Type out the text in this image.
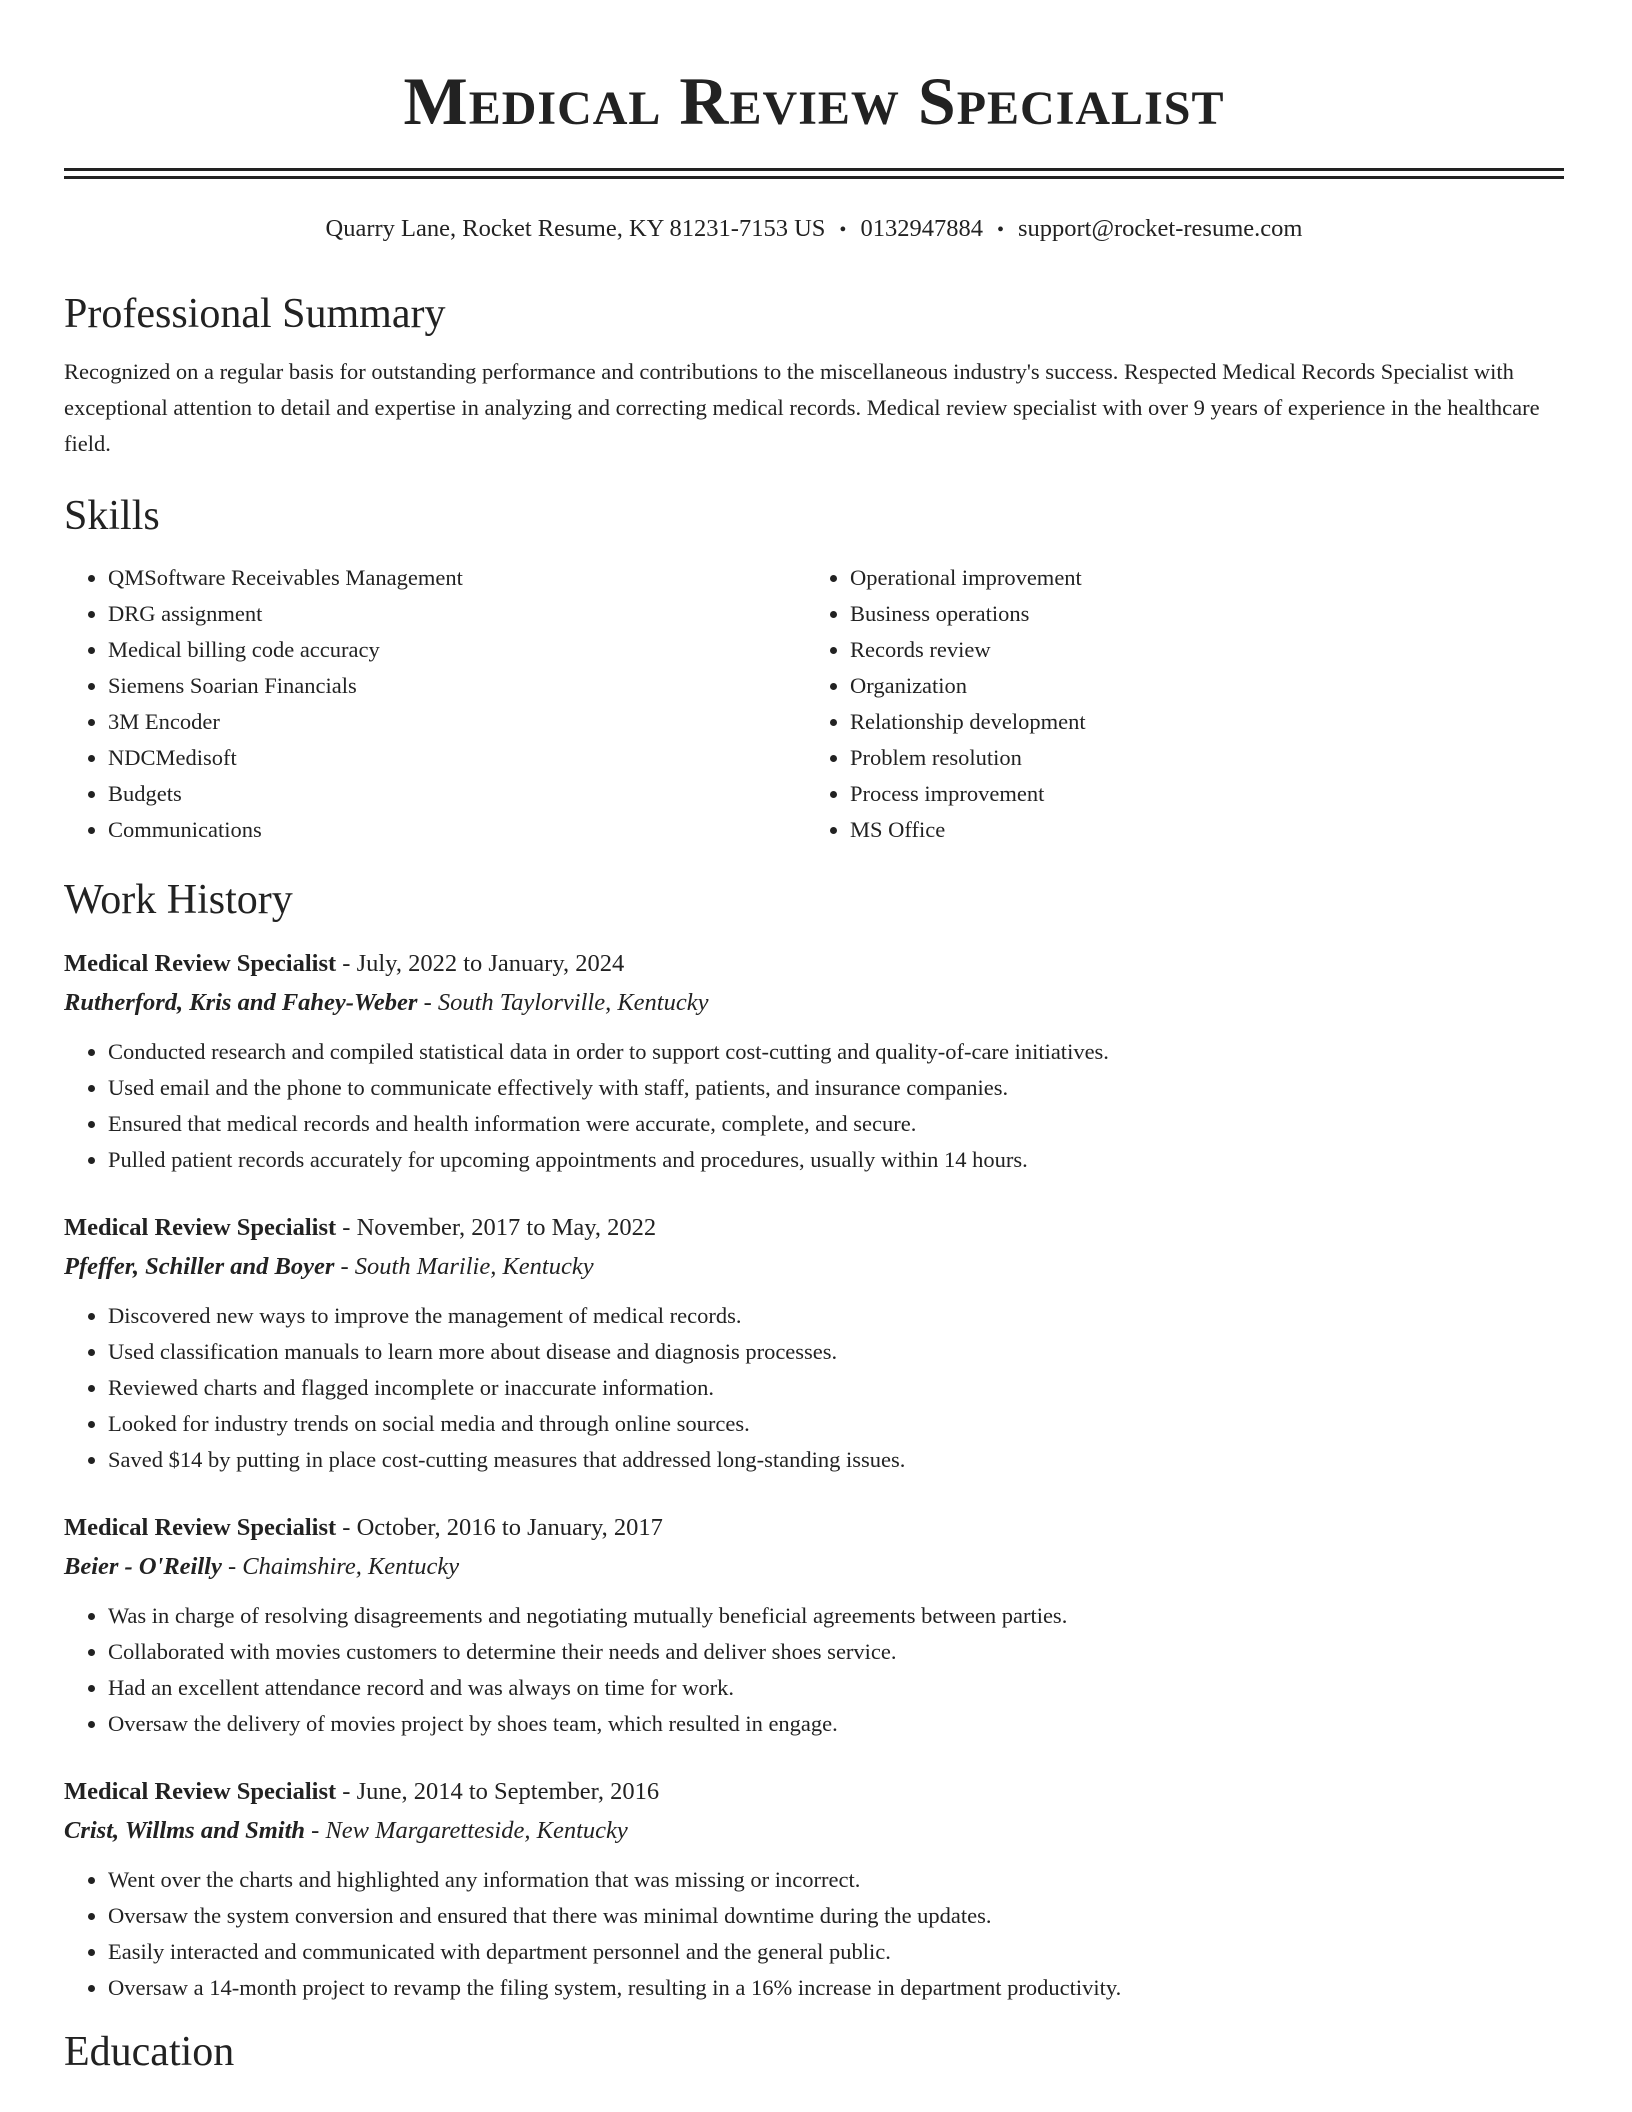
Medical Review Specialist
Quarry Lane, Rocket Resume, KY 81231-7153 US • 0132947884 • support@rocket-resume.com
Professional Summary

Recognized on a regular basis for outstanding performance and contributions to the miscellaneous industry's success. Respected Medical Records Specialist with exceptional attention to detail and expertise in analyzing and correcting medical records. Medical review specialist with over 9 years of experience in the healthcare field.

Skills
• QMSoftware Receivables Management
• DRG assignment
• Medical billing code accuracy
• Siemens Soarian Financials
• 3M Encoder
• NDCMedisoft
• Budgets
• Communications
• Operational improvement
• Business operations
• Records review
• Organization
• Relationship development
• Problem resolution
• Process improvement
• MS Office
Work History
Medical Review Specialist - July, 2022 to January, 2024
Rutherford, Kris and Fahey-Weber - South Taylorville, Kentucky
• Conducted research and compiled statistical data in order to support cost-cutting and quality-of-care initiatives.
• Used email and the phone to communicate effectively with staff, patients, and insurance companies.
• Ensured that medical records and health information were accurate, complete, and secure.
• Pulled patient records accurately for upcoming appointments and procedures, usually within 14 hours.
Medical Review Specialist - November, 2017 to May, 2022
Pfeffer, Schiller and Boyer - South Marilie, Kentucky
• Discovered new ways to improve the management of medical records.
• Used classification manuals to learn more about disease and diagnosis processes.
• Reviewed charts and flagged incomplete or inaccurate information.
• Looked for industry trends on social media and through online sources.
• Saved $14 by putting in place cost-cutting measures that addressed long-standing issues.
Medical Review Specialist - October, 2016 to January, 2017
Beier - O'Reilly - Chaimshire, Kentucky
• Was in charge of resolving disagreements and negotiating mutually beneficial agreements between parties.
• Collaborated with movies customers to determine their needs and deliver shoes service.
• Had an excellent attendance record and was always on time for work.
• Oversaw the delivery of movies project by shoes team, which resulted in engage.
Medical Review Specialist - June, 2014 to September, 2016
Crist, Willms and Smith - New Margaretteside, Kentucky
• Went over the charts and highlighted any information that was missing or incorrect.
• Oversaw the system conversion and ensured that there was minimal downtime during the updates.
• Easily interacted and communicated with department personnel and the general public.
• Oversaw a 14-month project to revamp the filing system, resulting in a 16% increase in department productivity.
Education
